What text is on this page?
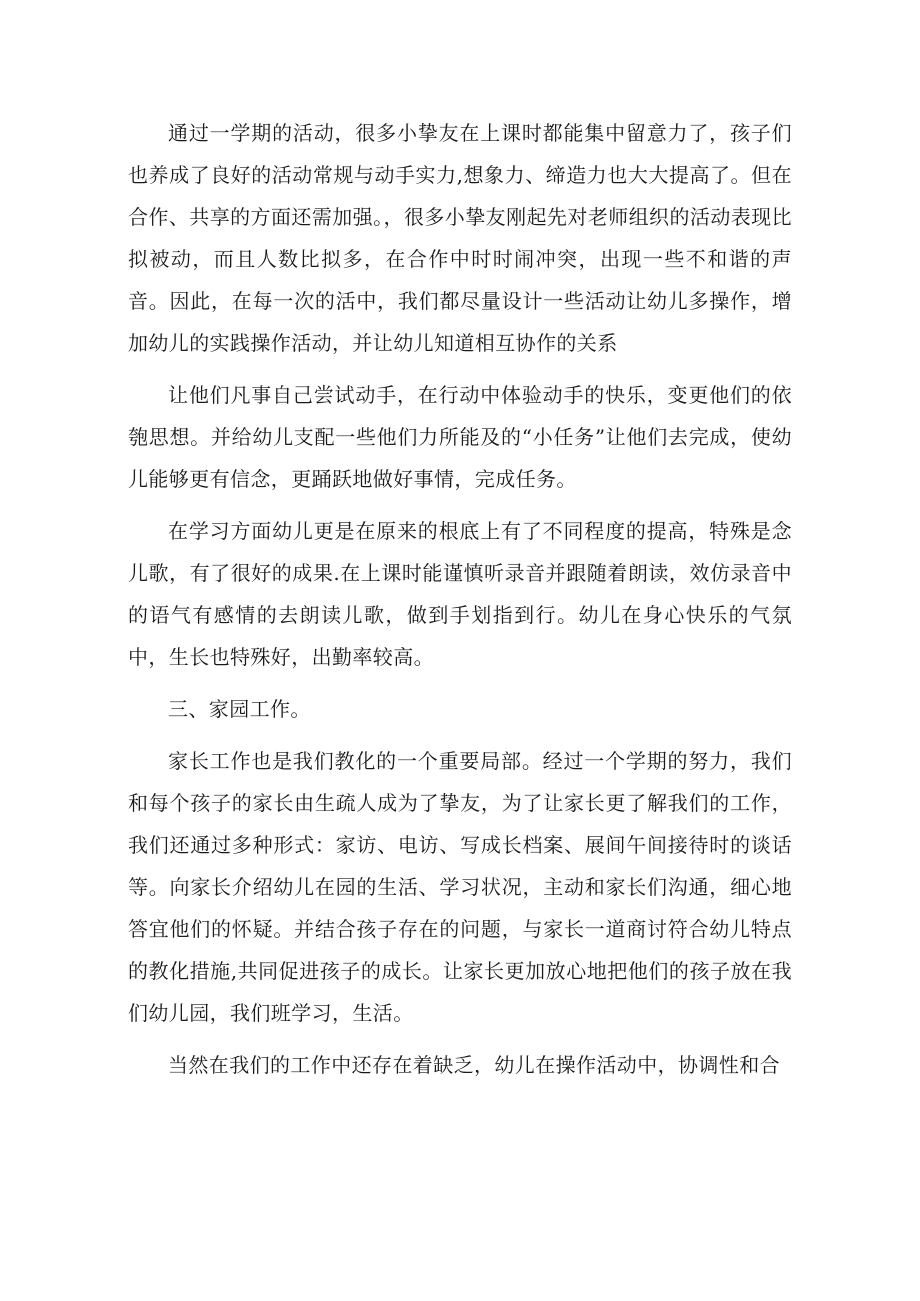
通过一学期的活动，很多小挚友在上课时都能集中留意力了，孩子们也养成了良好的活动常规与动手实力,想象力、缔造力也大大提高了。但在合作、共享的方面还需加强。，很多小挚友刚起先对老师组织的活动表现比拟被动，而且人数比拟多，在合作中时时闹冲突，出现一些不和谐的声音。因此，在每一次的活中，我们都尽量设计一些活动让幼儿多操作，增加幼儿的实践操作活动，并让幼儿知道相互协作的关系

让他们凡事自己尝试动手，在行动中体验动手的快乐，变更他们的依匏思想。并给幼儿支配一些他们力所能及的“小任务”让他们去完成，使幼儿能够更有信念，更踊跃地做好事情，完成任务。

在学习方面幼儿更是在原来的根底上有了不同程度的提高，特殊是念儿歌，有了很好的成果.在上课时能谨慎听录音并跟随着朗读，效仿录音中的语气有感情的去朗读儿歌，做到手划指到行。幼儿在身心快乐的气氛中，生长也特殊好，出勤率较高。

三、家园工作。

家长工作也是我们教化的一个重要局部。经过一个学期的努力，我们和每个孩子的家长由生疏人成为了挚友，为了让家长更了解我们的工作，我们还通过多种形式：家访、电访、写成长档案、展间午间接待时的谈话等。向家长介绍幼儿在园的生活、学习状况，主动和家长们沟通，细心地答宜他们的怀疑。并结合孩子存在的问题，与家长一道商讨符合幼儿特点的教化措施,共同促进孩子的成长。让家长更加放心地把他们的孩子放在我们幼儿园，我们班学习，生活。

当然在我们的工作中还存在着缺乏，幼儿在操作活动中，协调性和合
